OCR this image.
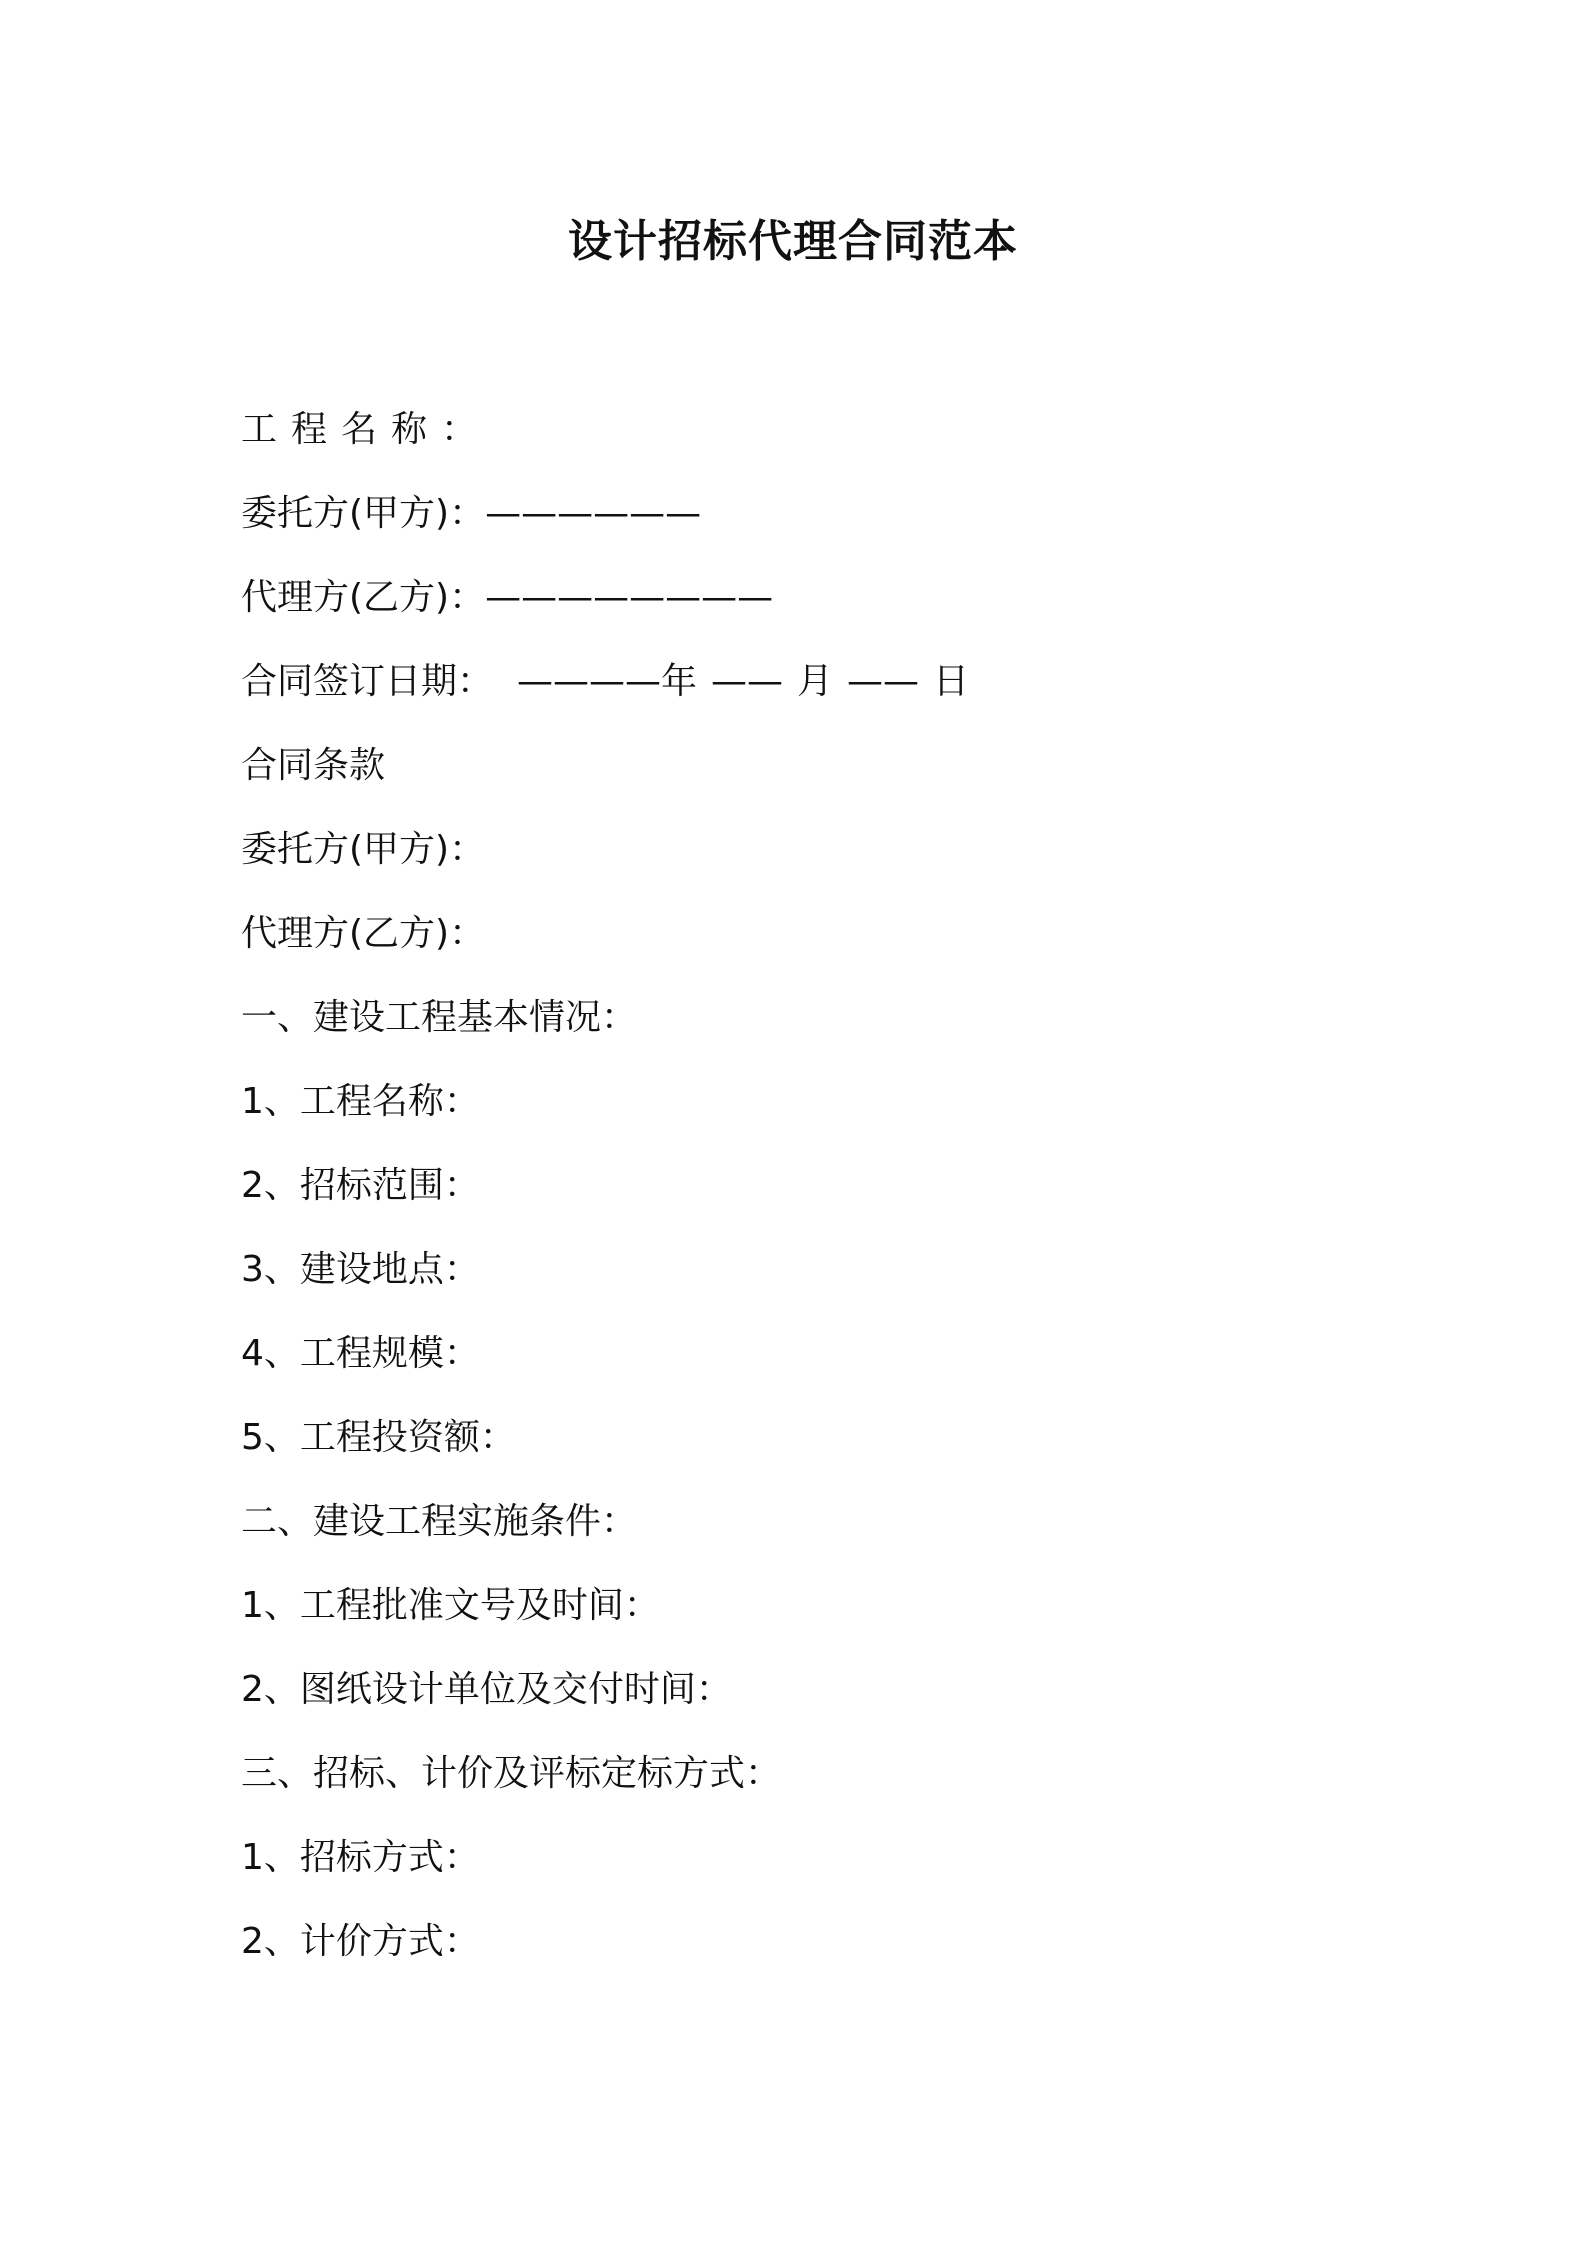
设计招标代理合同范本
工程名称：
委托方(甲方)：——————
代理方(乙方)：————————
合同签订日期： ————年 —— 月 —— 日
合同条款
委托方(甲方)：
代理方(乙方)：
一、建设工程基本情况：
1、工程名称：
2、招标范围：
3、建设地点：
4、工程规模：
5、工程投资额：
二、建设工程实施条件：
1、工程批准文号及时间：
2、图纸设计单位及交付时间：
三、招标、计价及评标定标方式：
1、招标方式：
2、计价方式：
